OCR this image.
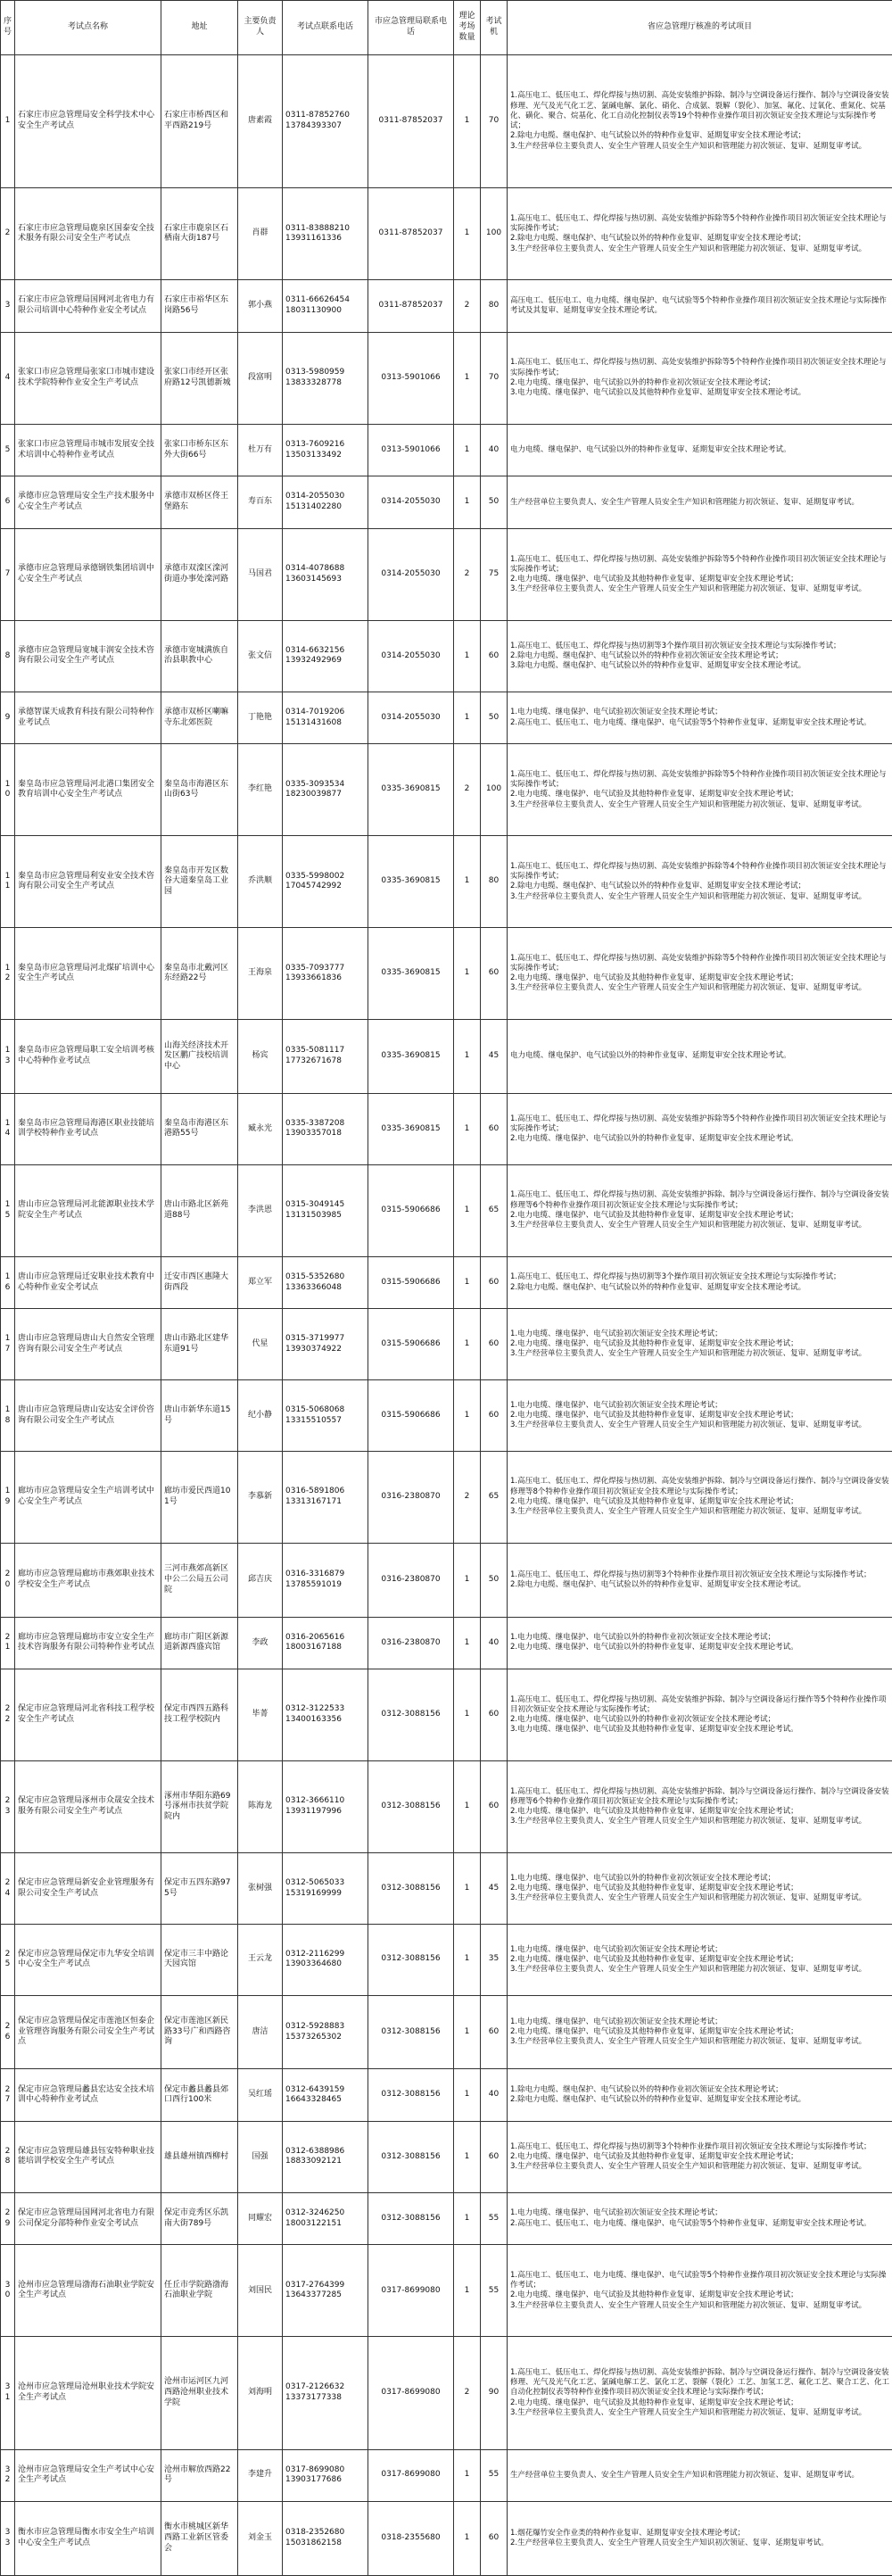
序号	考试点名称	地址	主要负责人	考试点联系电话	市应急管理局联系电话	理论考场数量	考试机	省应急管理厅核准的考试项目
1	石家庄市应急管理局安全科学技术中心安全生产考试点	石家庄市桥西区和平西路219号	唐素霞	0311-87852760
13784393307	0311-87852037	1	70	1.高压电工、低压电工、焊化焊接与热切割、高处安装维护拆除、制冷与空调设备运行操作、制冷与空调设备安装修理、光气及光气化工艺、氯碱电解、氯化、硝化、合成氨、裂解（裂化）、加氢、氟化、过氧化、重氮化、烷基化、磺化、聚合、烷基化、化工自动化控制仪表等19个特种作业操作项目初次领证安全技术理论与实际操作考试；
2.除电力电缆、继电保护、电气试验以外的特种作业复审、延期复审安全技术理论考试；
3.生产经营单位主要负责人、安全生产管理人员安全生产知识和管理能力初次领证、复审、延期复审考试。
2	石家庄市应急管理局鹿泉区国泰安全技术服务有限公司安全生产考试点	石家庄市鹿泉区石栖南大街187号	肖群	0311-83888210
13931161336	0311-87852037	1	100	1.高压电工、低压电工、焊化焊接与热切割、高处安装维护拆除等5个特种作业操作项目初次领证安全技术理论与实际操作考试；
2.除电力电缆、继电保护、电气试验以外的特种作业复审、延期复审安全技术理论考试；
3.生产经营单位主要负责人、安全生产管理人员安全生产知识和管理能力初次领证、复审、延期复审考试。
3	石家庄市应急管理局国网河北省电力有限公司培训中心特种作业安全考试点	石家庄市裕华区东岗路56号	郭小燕	0311-66626454
18031130900	0311-87852037	2	80	高压电工、低压电工、电力电缆、继电保护、电气试验等5个特种作业操作项目初次领证安全技术理论与实际操作考试及其复审、延期复审安全技术理论考试。
4	张家口市应急管理局张家口市城市建设技术学院特种作业安全生产考试点	张家口市经开区张府路12号凯德新城	段富明	0313-5980959
13833328778	0313-5901066	1	70	1.高压电工、低压电工、焊化焊接与热切割、高处安装维护拆除等5个特种作业操作项目初次领证安全技术理论与实际操作考试；
2.电力电缆、继电保护、电气试验以外的特种作业初次领证安全技术理论考试；
3.电力电缆、继电保护、电气试验以及其他特种作业复审、延期复审安全技术理论考试。
5	张家口市应急管理局市城市发展安全技术培训中心特种作业考试点	张家口市桥东区东外大街66号	杜万有	0313-7609216
13503133492	0313-5901066	1	40	电力电缆、继电保护、电气试验以外的特种作业复审、延期复审安全技术理论考试。
6	承德市应急管理局安全生产技术服务中心安全生产考试点	承德市双桥区佟王堡路东	寿百东	0314-2055030
15131402280	0314-2055030	1	50	生产经营单位主要负责人、安全生产管理人员安全生产知识和管理能力初次领证、复审、延期复审考试。
7	承德市应急管理局承德钢铁集团培训中心安全生产考试点	承德市双滦区滦河街道办事处滦河路	马国君	0314-4078688
13603145693	0314-2055030	2	75	1.高压电工、低压电工、焊化焊接与热切割、高处安装维护拆除等5个特种作业操作项目初次领证安全技术理论与实际操作考试；
2.电力电缆、继电保护、电气试验及其他特种作业复审、延期复审安全技术理论考试；
3.生产经营单位主要负责人、安全生产管理人员安全生产知识和管理能力初次领证、复审、延期复审考试。
8	承德市应急管理局宽城丰润安全技术咨询有限公司安全生产考试点	承德市宽城满族自治县职教中心	张文信	0314-6632156
13932492969	0314-2055030	1	60	1.高压电工、低压电工、焊化焊接与热切割等3个操作项目初次领证安全技术理论与实际操作考试；
2.除电力电缆、继电保护、电气试验以外的特种作业初次领证安全技术理论考试；
3.除电力电缆、继电保护、电气试验以外的特种作业复审、延期复审安全技术理论考试。
9	承德智谋天成教育科技有限公司特种作业考试点	承德市双桥区喇嘛寺东北郊医院	丁艳艳	0314-7019206
15131431608	0314-2055030	1	50	1.电力电缆、继电保护、电气试验初次领证安全技术理论考试；
2.高压电工、低压电工、电力电缆、继电保护、电气试验等5个特种作业复审、延期复审安全技术理论考试。
10	秦皇岛市应急管理局河北港口集团安全教育培训中心安全生产考试点	秦皇岛市海港区东山街63号	李红艳	0335-3093534
18230039877	0335-3690815	2	100	1.高压电工、低压电工、焊化焊接与热切割、高处安装维护拆除等5个特种作业操作项目初次领证安全技术理论与实际操作考试；
2.电力电缆、继电保护、电气试验及其他特种作业复审、延期复审安全技术理论考试；
3.生产经营单位主要负责人、安全生产管理人员安全生产知识和管理能力初次领证、复审、延期复审考试。
11	秦皇岛市应急管理局利安业安全技术咨询有限公司安全生产考试点	秦皇岛市开发区数谷大道秦皇岛工业园	乔洪顺	0335-5998002
17045742992	0335-3690815	1	80	1.高压电工、低压电工、焊化焊接与热切割、高处安装维护拆除等4个特种作业操作项目初次领证安全技术理论与实际操作考试；
2.除电力电缆、继电保护、电气试验以外的特种作业复审、延期复审安全技术理论考试；
3.生产经营单位主要负责人、安全生产管理人员安全生产知识和管理能力初次领证、复审、延期复审考试。
12	秦皇岛市应急管理局河北煤矿培训中心安全生产考试点	秦皇岛市北戴河区东经路22号	王海泉	0335-7093777
13933661836	0335-3690815	1	60	1.高压电工、低压电工、焊化焊接与热切割、高处安装维护拆除等5个特种作业操作项目初次领证安全技术理论与实际操作考试；
2.电力电缆、继电保护、电气试验及其他特种作业复审、延期复审安全技术理论考试；
3.生产经营单位主要负责人、安全生产管理人员安全生产知识和管理能力初次领证、复审、延期复审考试。
13	秦皇岛市应急管理局职工安全培训考核中心特种作业考试点	山海关经济技术开发区鹏广技校培训中心	杨宾	0335-5081117
17732671678	0335-3690815	1	45	电力电缆、继电保护、电气试验以外的特种作业复审、延期复审安全技术理论考试。
14	秦皇岛市应急管理局海港区职业技能培训学校特种作业考试点	秦皇岛市海港区东港路55号	臧永光	0335-3387208
13903357018	0335-3690815	1	60	1.高压电工、低压电工、焊化焊接与热切割、高处安装维护拆除等5个特种作业操作项目初次领证安全技术理论与实际操作考试；
2.电力电缆、继电保护、电气试验以外的特种作业复审、延期复审安全技术理论考试。
15	唐山市应急管理局河北能源职业技术学院安全生产考试点	唐山市路北区新苑道88号	李洪恩	0315-3049145
13131503985	0315-5906686	1	65	1.高压电工、低压电工、焊化焊接与热切割、高处安装维护拆除、制冷与空调设备运行操作、制冷与空调设备安装修理等6个特种作业操作项目初次领证安全技术理论与实际操作考试；
2.电力电缆、继电保护、电气试验及其他特种作业复审、延期复审安全技术理论考试；
3.生产经营单位主要负责人、安全生产管理人员安全生产知识和管理能力初次领证、复审、延期复审考试。
16	唐山市应急管理局迁安职业技术教育中心特种作业安全考试点	迁安市西区惠隆大街西段	郑立军	0315-5352680
13363366048	0315-5906686	1	60	1.高压电工、低压电工、焊化焊接与热切割等3个操作项目初次领证安全技术理论与实际操作考试；
2.除电力电缆、继电保护、电气试验以外的特种作业复审、延期复审安全技术理论考试。
17	唐山市应急管理局唐山大自然安全管理咨询有限公司安全生产考试点	唐山市路北区建华东道91号	代星	0315-3719977
13930374922	0315-5906686	1	60	1.电力电缆、继电保护、电气试验初次领证安全技术理论考试；
2.电力电缆、继电保护、电气试验及其他特种作业复审、延期复审安全技术理论考试；
3.生产经营单位主要负责人、安全生产管理人员安全生产知识和管理能力初次领证、复审、延期复审考试。
18	唐山市应急管理局唐山安达安全评价咨询有限公司安全生产考试点	唐山市新华东道15号	纪小静	0315-5068068
13315510557	0315-5906686	1	60	1.电力电缆、继电保护、电气试验初次领证安全技术理论考试；
2.电力电缆、继电保护、电气试验及其他特种作业复审、延期复审安全技术理论考试；
3.生产经营单位主要负责人、安全生产管理人员安全生产知识和管理能力初次领证、复审、延期复审考试。
19	廊坊市应急管理局安全生产培训考试中心安全生产考试点	廊坊市爱民西道101号	李慕新	0316-5891806
13313167171	0316-2380870	2	65	1.高压电工、低压电工、焊化焊接与热切割、高处安装维护拆除、制冷与空调设备运行操作、制冷与空调设备安装修理等8个特种作业操作项目初次领证安全技术理论与实际操作考试；
2.电力电缆、继电保护、电气试验及其他特种作业复审、延期复审安全技术理论考试；
3.生产经营单位主要负责人、安全生产管理人员安全生产知识和管理能力初次领证、复审、延期复审考试。
20	廊坊市应急管理局廊坊市燕郊职业技术学校安全生产考试点	三河市燕郊高新区中公二公局五公司院	邱吉庆	0316-3316879
13785591019	0316-2380870	1	50	1.高压电工、低压电工、焊化焊接与热切割等3个特种作业操作项目初次领证安全技术理论与实际操作考试；
2.除电力电缆、继电保护、电气试验以外的特种作业复审、延期复审安全技术理论考试。
21	廊坊市应急管理局廊坊市安立安全生产技术咨询服务有限公司特种作业考试点	廊坊市广阳区新源道新源西盛宾馆	李政	0316-2065616
18003167188	0316-2380870	1	40	1.电力电缆、继电保护、电气试验以外的特种作业初次领证安全技术理论考试；
2.电力电缆、继电保护、电气试验以外的特种作业复审、延期复审安全技术理论考试。
22	保定市应急管理局河北省科技工程学校安全生产考试点	保定市西四五路科技工程学校院内	毕菁	0312-3122533
13400163356	0312-3088156	1	60	1.高压电工、低压电工、焊化焊接与热切割、高处安装维护拆除、制冷与空调设备运行操作等5个特种作业操作项目初次领证安全技术理论与实际操作考试；
2.电力电缆、继电保护、电气试验以外的特种作业初次领证安全技术理论考试；
3.电力电缆、继电保护、电气试验及其他特种作业复审、延期复审安全技术理论考试。
23	保定市应急管理局涿州市众晟安全技术服务有限公司安全生产考试点	涿州市华阳东路69号涿州市扶贫学院院内	陈海龙	0312-3666110
13931197996	0312-3088156	1	60	1.高压电工、低压电工、焊化焊接与热切割、高处安装维护拆除、制冷与空调设备运行操作、制冷与空调设备安装修理等6个特种作业操作项目初次领证安全技术理论与实际操作考试；
2.电力电缆、继电保护、电气试验及其他特种作业复审、延期复审安全技术理论考试；
3.生产经营单位主要负责人、安全生产管理人员安全生产知识和管理能力初次领证、复审、延期复审考试。
24	保定市应急管理局新安企业管理服务有限公司安全生产考试点	保定市五四东路975号	张树强	0312-5065033
15319169999	0312-3088156	1	45	1.电力电缆、继电保护、电气试验以外的特种作业初次领证安全技术理论考试；
2.电力电缆、继电保护、电气试验及其他特种作业复审、延期复审安全技术理论考试；
3.生产经营单位主要负责人、安全生产管理人员安全生产知识和管理能力初次领证、复审、延期复审考试。
25	保定市应急管理局保定市九华安全培训中心安全生产考试点	保定市三丰中路论天园宾馆	王云龙	0312-2116299
13903364680	0312-3088156	1	35	1.电力电缆、继电保护、电气试验初次领证安全技术理论考试；
2.电力电缆、继电保护、电气试验及其他特种作业复审、延期复审安全技术理论考试；
3.生产经营单位主要负责人、安全生产管理人员安全生产知识和管理能力初次领证、复审、延期复审考试。
26	保定市应急管理局保定市莲池区恒泰企业管理咨询服务有限公司安全生产考试点	保定市莲池区新民路33号广和西路咨询	唐洁	0312-5928883
15373265302	0312-3088156	1	60	1.电力电缆、继电保护、电气试验初次领证安全技术理论考试；
2.电力电缆、继电保护、电气试验及其他特种作业复审、延期复审安全技术理论考试；
3.生产经营单位主要负责人、安全生产管理人员安全生产知识和管理能力初次领证、复审、延期复审考试。
27	保定市应急管理局蠡县宏达安全技术培训中心特种作业考试点	保定市蠡县蠡县郊口西行100米	吴红瑶	0312-6439159
16643328465	0312-3088156	1	40	1.除电力电缆、继电保护、电气试验以外的特种作业初次领证安全技术理论考试；
2.除电力电缆、继电保护、电气试验以外的特种作业复审、延期复审安全技术理论考试。
28	保定市应急管理局雄县钰安特种职业技能培训学校安全生产考试点	雄县雄州镇西柳村	国强	0312-6388986
18833092121	0312-3088156	1	60	1.高压电工、低压电工、焊化焊接与热切割等3个特种作业操作项目初次领证安全技术理论与实际操作考试；
2.电力电缆、继电保护、电气试验及其他特种作业复审、延期复审安全技术理论考试；
3.生产经营单位主要负责人、安全生产管理人员安全生产知识和管理能力初次领证、复审、延期复审考试。
29	保定市应急管理局国网河北省电力有限公司保定分部特种作业安全考试点	保定市竞秀区乐凯南大街789号	同耀宏	0312-3246250
18003122151	0312-3088156	1	55	1.电力电缆、继电保护、电气试验初次领证安全技术理论考试；
2.高压电工、低压电工、电力电缆、继电保护、电气试验等5个特种作业复审、延期复审安全技术理论考试。
30	沧州市应急管理局渤海石油职业学院安全生产考试点	任丘市学院路渤海石油职业学院	刘国民	0317-2764399
13643377285	0317-8699080	1	55	1.高压电工、低压电工、电力电缆、继电保护、电气试验等5个特种作业操作项目初次领证安全技术理论与实际操作考试；
2.电力电缆、继电保护、电气试验及其他特种作业复审、延期复审安全技术理论考试；
3.生产经营单位主要负责人、安全生产管理人员安全生产知识和管理能力初次领证、复审、延期复审考试。
31	沧州市应急管理局沧州职业技术学院安全生产考试点	沧州市运河区九河西路沧州职业技术学院	刘海明	0317-2126632
13373177338	0317-8699080	2	90	1.高压电工、低压电工、焊化焊接与热切割、高处安装维护拆除、制冷与空调设备运行操作、制冷与空调设备安装修理、光气及光气化工艺、氯碱电解工艺、氯化工艺、裂解（裂化）工艺、加氢工艺、氟化工艺、聚合工艺、化工自动化控制仪表等特种作业操作项目初次领证安全技术理论与实际操作考试；
2.电力电缆、继电保护、电气试验及其他特种作业复审、延期复审安全技术理论考试；
3.生产经营单位主要负责人、安全生产管理人员安全生产知识和管理能力初次领证、复审、延期复审考试。
32	沧州市应急管理局安全生产考试中心安全生产考试点	沧州市解放西路22号	李建升	0317-8699080
13903177686	0317-8699080	1	55	生产经营单位主要负责人、安全生产管理人员安全生产知识和管理能力初次领证、复审、延期复审考试。
33	衡水市应急管理局衡水市安全生产培训中心安全生产考试点	衡水市桃城区新华西路工业新区管委会	刘金玉	0318-2352680
15031862158	0318-2355680	1	60	1.烟花爆竹安全作业类的特种作业复审、延期复审安全技术理论考试；
2.生产经营单位主要负责人、安全生产管理人员安全生产知识初次领证、复审、延期复审考试。
